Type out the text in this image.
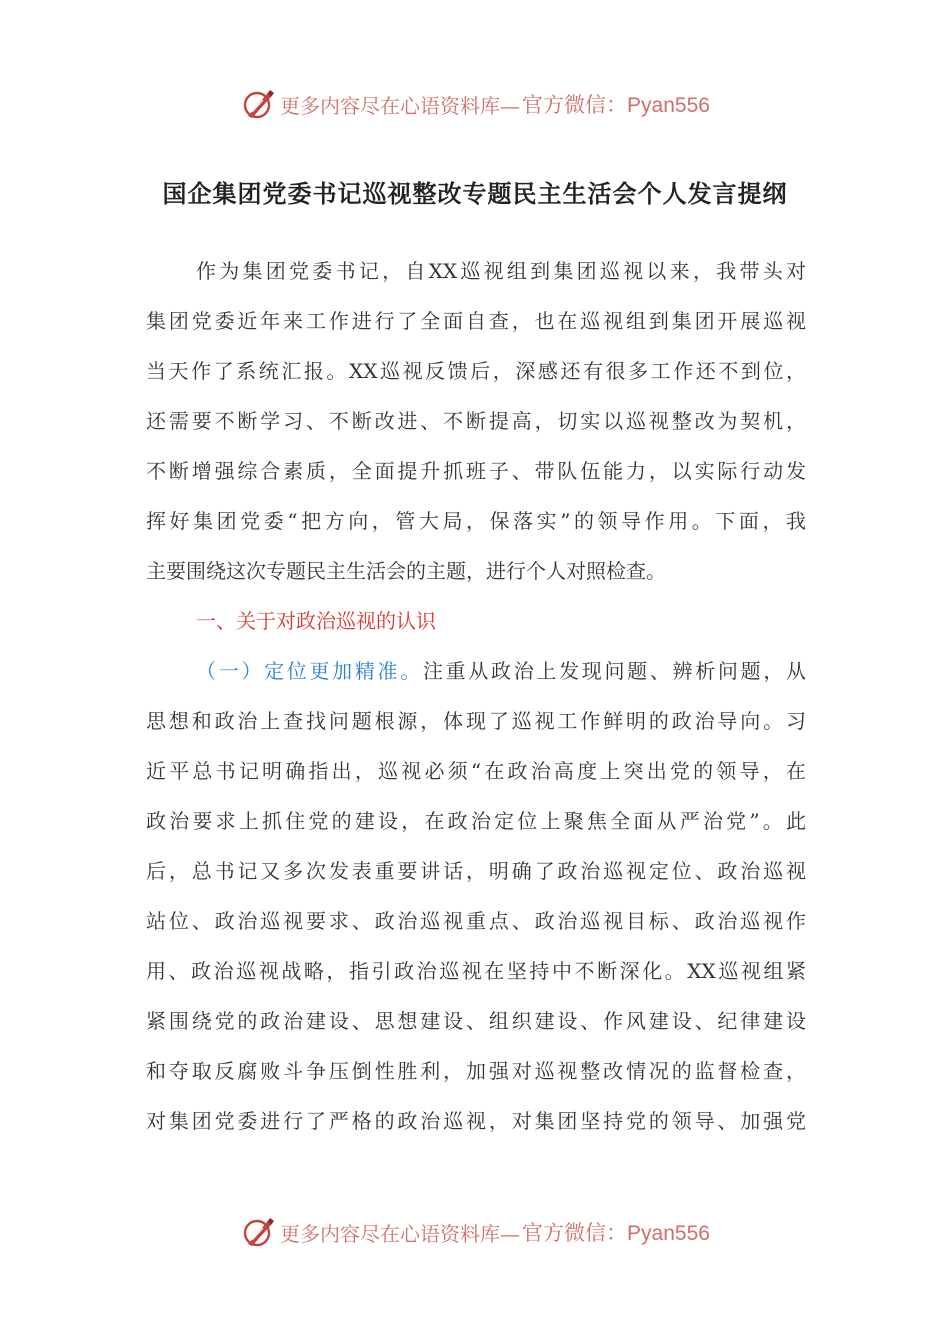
更多内容尽在心语资料库— 官方微信：Pyan556
国企集团党委书记巡视整改专题民主生活会个人发言提纲
作为集团党委书记，自XX巡视组到集团巡视以来，我带头对
集团党委近年来工作进行了全面自查，也在巡视组到集团开展巡视
当天作了系统汇报。XX巡视反馈后，深感还有很多工作还不到位，
还需要不断学习、不断改进、不断提高，切实以巡视整改为契机，
不断增强综合素质，全面提升抓班子、带队伍能力，以实际行动发
挥好集团党委“把方向，管大局，保落实”的领导作用。下面，我
主要围绕这次专题民主生活会的主题，进行个人对照检查。
一、关于对政治巡视的认识
（一）定位更加精准。注重从政治上发现问题、辨析问题，从
思想和政治上查找问题根源，体现了巡视工作鲜明的政治导向。习
近平总书记明确指出，巡视必须“在政治高度上突出党的领导，在
政治要求上抓住党的建设，在政治定位上聚焦全面从严治党”。此
后，总书记又多次发表重要讲话，明确了政治巡视定位、政治巡视
站位、政治巡视要求、政治巡视重点、政治巡视目标、政治巡视作
用、政治巡视战略，指引政治巡视在坚持中不断深化。XX巡视组紧
紧围绕党的政治建设、思想建设、组织建设、作风建设、纪律建设
和夺取反腐败斗争压倒性胜利，加强对巡视整改情况的监督检查，
对集团党委进行了严格的政治巡视，对集团坚持党的领导、加强党
更多内容尽在心语资料库— 官方微信：Pyan556
